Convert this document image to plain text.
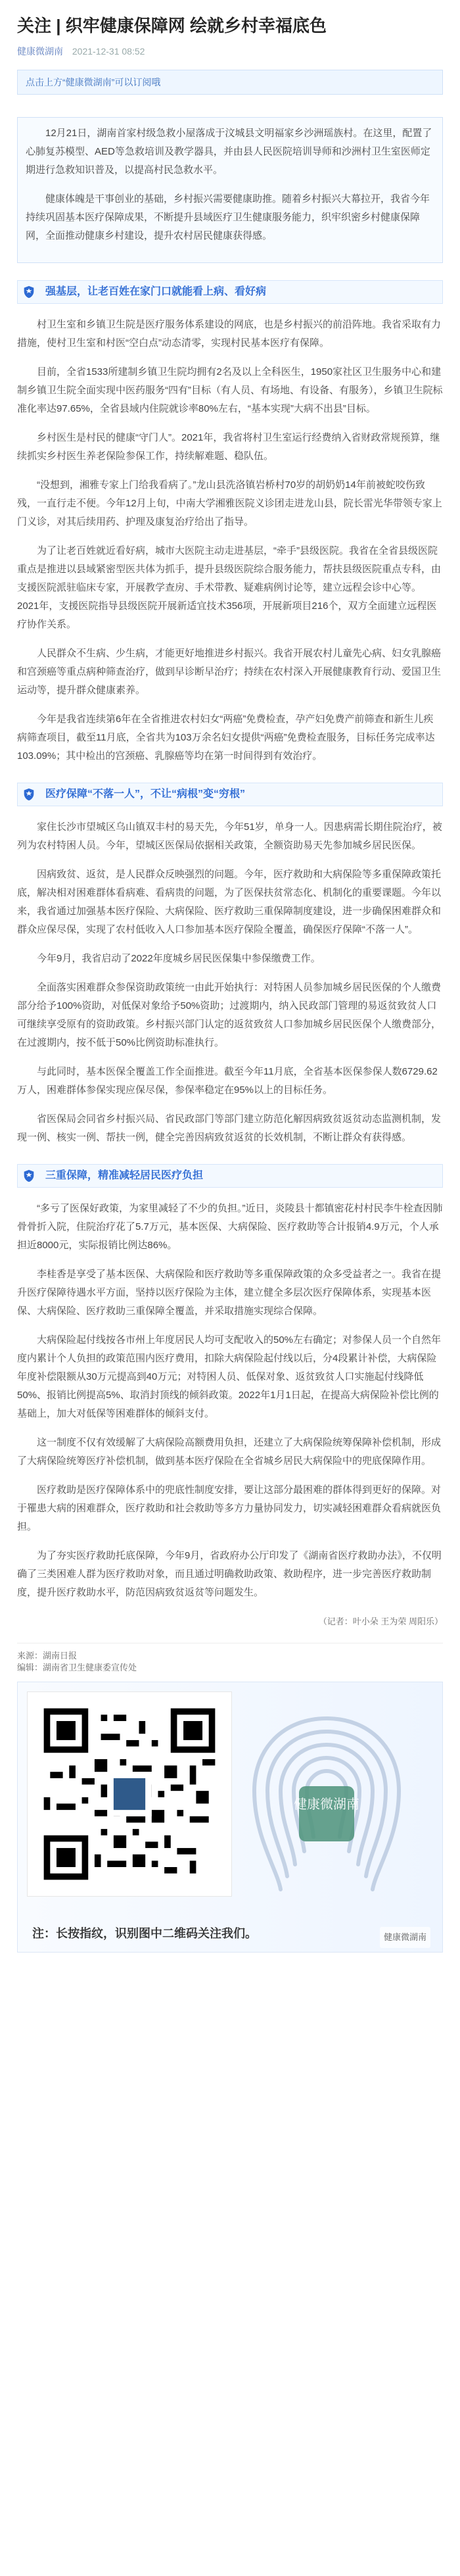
关注 | 织牢健康保障网 绘就乡村幸福底色
健康微湖南 2021-12-31 08:52
点击上方“健康微湖南”可以订阅哦

12月21日，湖南首家村级急救小屋落成于汶城县文明福家乡沙洲瑶族村。在这里，配置了心肺复苏模型、AED等急救培训及教学器具，并由县人民医院培训导师和沙洲村卫生室医师定期进行急救知识普及，以提高村民急救水平。

健康体魄是干事创业的基础，乡村振兴需要健康助推。随着乡村振兴大幕拉开，我省今年持续巩固基本医疗保障成果，不断提升县域医疗卫生健康服务能力，织牢织密乡村健康保障网，全面推动健康乡村建设，提升农村居民健康获得感。

强基层，让老百姓在家门口就能看上病、看好病

村卫生室和乡镇卫生院是医疗服务体系建设的网底，也是乡村振兴的前沿阵地。我省采取有力措施，使村卫生室和村医“空白点”动态清零，实现村民基本医疗有保障。

目前，全省1533所建制乡镇卫生院均拥有2名及以上全科医生，1950家社区卫生服务中心和建制乡镇卫生院全面实现中医药服务“四有”目标（有人员、有场地、有设备、有服务），乡镇卫生院标准化率达97.65%，全省县域内住院就诊率80%左右，“基本实现”大病不出县”目标。

乡村医生是村民的健康“守门人”。2021年，我省将村卫生室运行经费纳入省财政常规预算，继续抓实乡村医生养老保险参保工作，持续解难题、稳队伍。

“没想到，湘雅专家上门给我看病了。”龙山县洗洛镇岩桥村70岁的胡奶奶14年前被蛇咬伤致残，一直行走不便。今年12月上旬，中南大学湘雅医院义诊团走进龙山县，院长雷光华带领专家上门义诊，对其后续用药、护理及康复治疗给出了指导。

为了让老百姓就近看好病，城市大医院主动走进基层，“牵手”县级医院。我省在全省县级医院重点是推进以县域紧密型医共体为抓手，提升县级医院综合服务能力，帮扶县级医院重点专科，由支援医院派驻临床专家，开展教学查房、手术带教、疑难病例讨论等，建立远程会诊中心等。2021年，支援医院指导县级医院开展新适宜技术356项，开展新项目216个，双方全面建立远程医疗协作关系。

人民群众不生病、少生病，才能更好地推进乡村振兴。我省开展农村儿童先心病、妇女乳腺癌和宫颈癌等重点病种筛查治疗，做到早诊断早治疗；持续在农村深入开展健康教育行动、爱国卫生运动等，提升群众健康素养。

今年是我省连续第6年在全省推进农村妇女“两癌”免费检查，孕产妇免费产前筛查和新生儿疾病筛查项目，截至11月底，全省共为103万余名妇女提供“两癌”免费检查服务，目标任务完成率达103.09%；其中检出的宫颈癌、乳腺癌等均在第一时间得到有效治疗。

医疗保障“不落一人”，不让“病根”变“穷根”

家住长沙市望城区乌山镇双丰村的易天先，今年51岁，单身一人。因患病需长期住院治疗，被列为农村特困人员。今年，望城区医保局依据相关政策，全额资助易天先参加城乡居民医保。

因病致贫、返贫，是人民群众反映强烈的问题。今年，医疗救助和大病保险等多重保障政策托底，解决相对困难群体看病难、看病贵的问题，为了医保扶贫常态化、机制化的重要课题。今年以来，我省通过加强基本医疗保险、大病保险、医疗救助三重保障制度建设，进一步确保困难群众和群众应保尽保，实现了农村低收入人口参加基本医疗保险全覆盖，确保医疗保障“不落一人”。

今年9月，我省启动了2022年度城乡居民医保集中参保缴费工作。

全面落实困难群众参保资助政策统一由此开始执行：对特困人员参加城乡居民医保的个人缴费部分给予100%资助，对低保对象给予50%资助；过渡期内，纳入民政部门管理的易返贫致贫人口可继续享受原有的资助政策。乡村振兴部门认定的返贫致贫人口参加城乡居民医保个人缴费部分，在过渡期内，按不低于50%比例资助标准执行。

与此同时，基本医保全覆盖工作全面推进。截至今年11月底，全省基本医保参保人数6729.62万人，困难群体参保实现应保尽保，参保率稳定在95%以上的目标任务。

省医保局会同省乡村振兴局、省民政部门等部门建立防范化解因病致贫返贫动态监测机制，发现一例、核实一例、帮扶一例，健全完善因病致贫返贫的长效机制，不断让群众有获得感。

三重保障，精准减轻居民医疗负担

“多亏了医保好政策，为家里减轻了不少的负担。”近日，炎陵县十都镇密花村村民李牛栓查因肺骨骨折入院，住院治疗花了5.7万元，基本医保、大病保险、医疗救助等合计报销4.9万元，个人承担近8000元，实际报销比例达86%。

李桂香是享受了基本医保、大病保险和医疗救助等多重保障政策的众多受益者之一。我省在提升医疗保障待遇水平方面，坚持以医疗保险为主体，建立健全多层次医疗保障体系，实现基本医保、大病保险、医疗救助三重保障全覆盖，并采取措施实现综合保障。

大病保险起付线按各市州上年度居民人均可支配收入的50%左右确定；对参保人员一个自然年度内累计个人负担的政策范围内医疗费用，扣除大病保险起付线以后，分4段累计补偿，大病保险年度补偿限额从30万元提高到40万元；对特困人员、低保对象、返贫致贫人口实施起付线降低50%、报销比例提高5%、取消封顶线的倾斜政策。2022年1月1日起，在提高大病保险补偿比例的基础上，加大对低保等困难群体的倾斜支付。

这一制度不仅有效缓解了大病保险高额费用负担，还建立了大病保险统筹保障补偿机制，形成了大病保险统筹医疗补偿机制，做到基本医疗保险在全省城乡居民大病保险中的兜底保障作用。

医疗救助是医疗保障体系中的兜底性制度安排，要让这部分最困难的群体得到更好的保障。对于罹患大病的困难群众，医疗救助和社会救助等多方力量协同发力，切实减轻困难群众看病就医负担。

为了夯实医疗救助托底保障，今年9月，省政府办公厅印发了《湖南省医疗救助办法》，不仅明确了三类困难人群为医疗救助对象，而且通过明确救助政策、救助程序，进一步完善医疗救助制度，提升医疗救助水平，防范因病致贫返贫等问题发生。

（记者：叶小朵 王为荣 周阳乐）
来源：湖南日报
编辑：湖南省卫生健康委宣传处
健康微湖南
注：长按指纹，识别图中二维码关注我们。	健康微湖南
